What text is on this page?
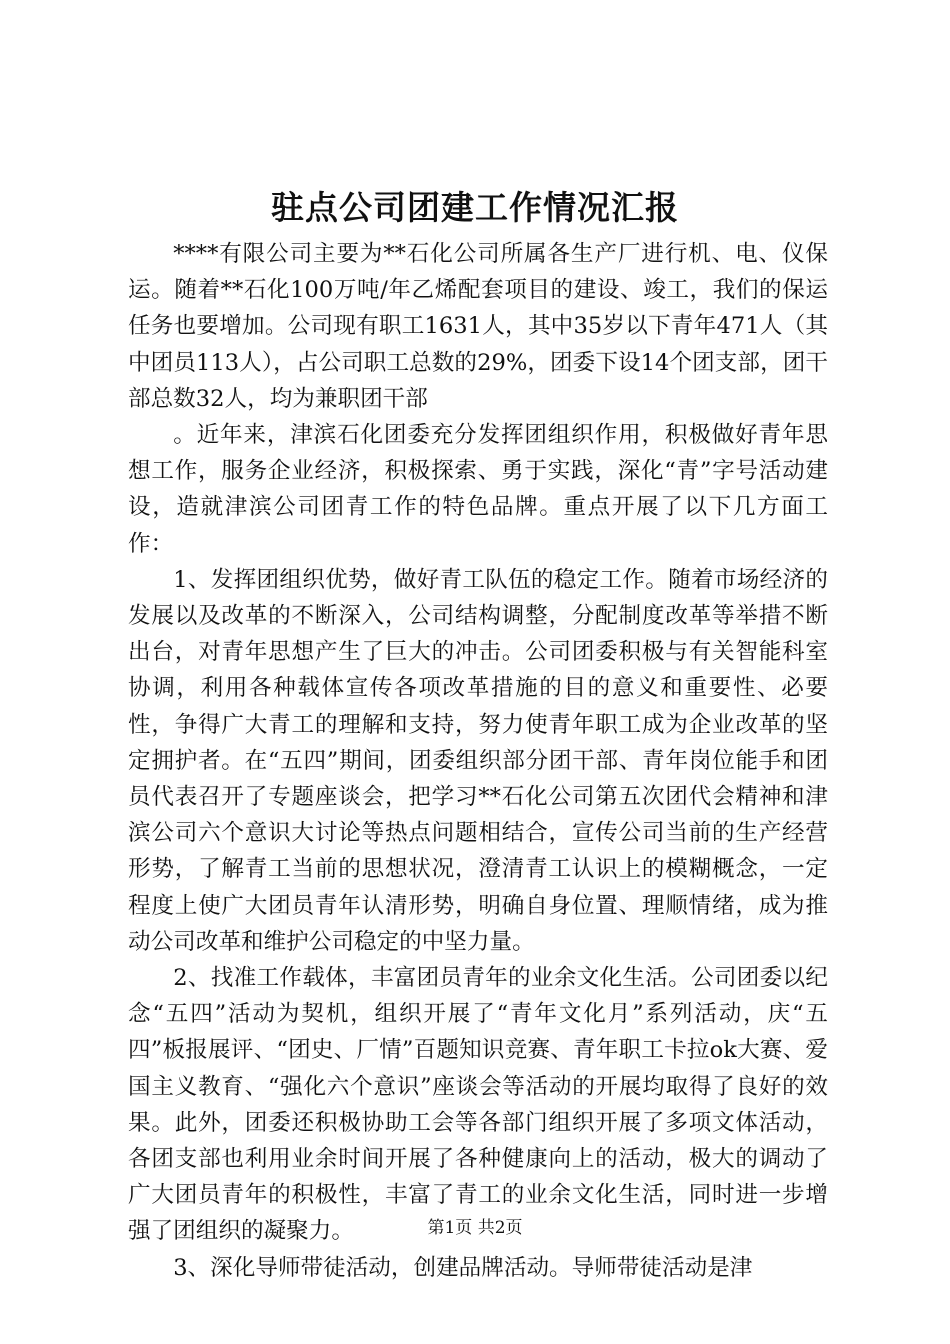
驻点公司团建工作情况汇报

****有限公司主要为**石化公司所属各生产厂进行机、电、仪保运。随着**石化100万吨/年乙烯配套项目的建设、竣工，我们的保运任务也要增加。公司现有职工1631人，其中35岁以下青年471人（其中团员113人），占公司职工总数的29%，团委下设14个团支部，团干部总数32人，均为兼职团干部

。近年来，津滨石化团委充分发挥团组织作用，积极做好青年思想工作，服务企业经济，积极探索、勇于实践，深化“青”字号活动建设，造就津滨公司团青工作的特色品牌。重点开展了以下几方面工作：

1、发挥团组织优势，做好青工队伍的稳定工作。随着市场经济的发展以及改革的不断深入，公司结构调整，分配制度改革等举措不断出台，对青年思想产生了巨大的冲击。公司团委积极与有关智能科室协调，利用各种载体宣传各项改革措施的目的意义和重要性、必要性，争得广大青工的理解和支持，努力使青年职工成为企业改革的坚定拥护者。在“五四”期间，团委组织部分团干部、青年岗位能手和团员代表召开了专题座谈会，把学习**石化公司第五次团代会精神和津滨公司六个意识大讨论等热点问题相结合，宣传公司当前的生产经营形势，了解青工当前的思想状况，澄清青工认识上的模糊概念，一定程度上使广大团员青年认清形势，明确自身位置、理顺情绪，成为推动公司改革和维护公司稳定的中坚力量。

2、找准工作载体，丰富团员青年的业余文化生活。公司团委以纪念“五四”活动为契机，组织开展了“青年文化月”系列活动，庆“五四”板报展评、“团史、厂情”百题知识竞赛、青年职工卡拉ok大赛、爱国主义教育、“强化六个意识”座谈会等活动的开展均取得了良好的效果。此外，团委还积极协助工会等各部门组织开展了多项文体活动，各团支部也利用业余时间开展了各种健康向上的活动，极大的调动了广大团员青年的积极性，丰富了青工的业余文化生活，同时进一步增强了团组织的凝聚力。

3、深化导师带徒活动，创建品牌活动。导师带徒活动是津

第1页 共2页
